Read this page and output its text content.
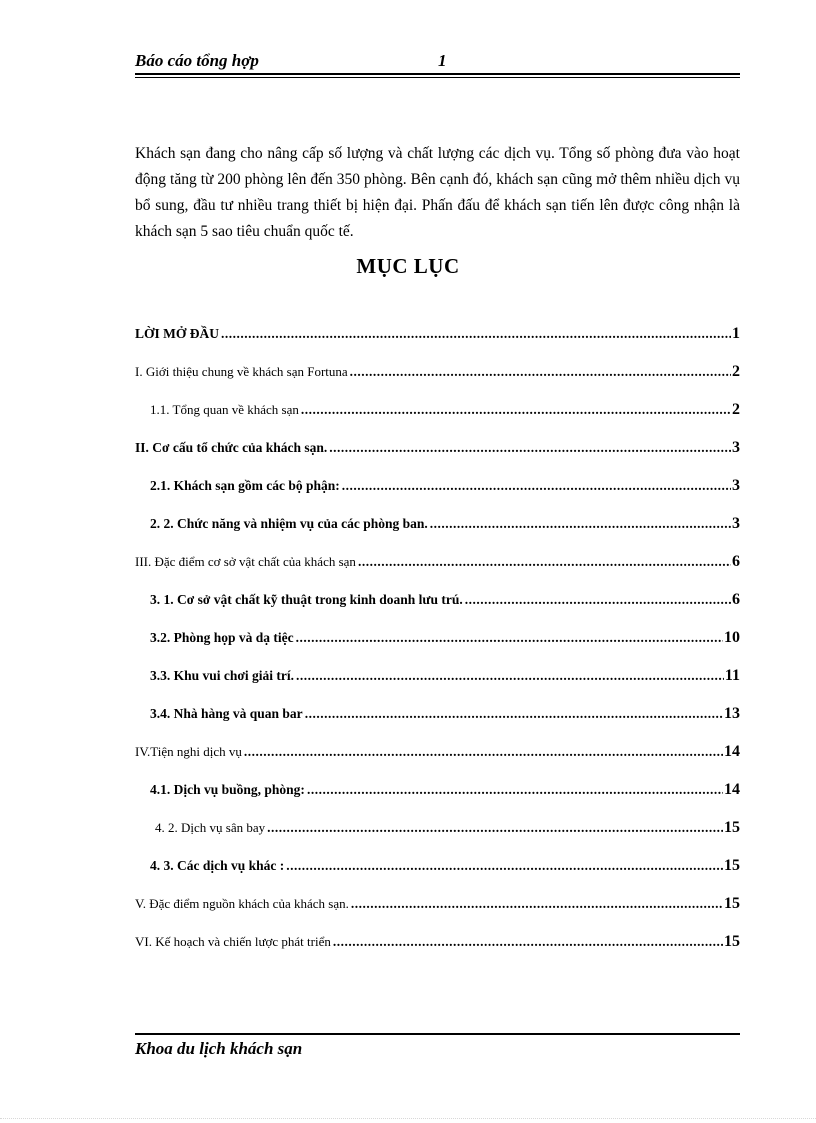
Báo cáo tổng hợp	1

Khách sạn đang cho nâng cấp số lượng và chất lượng các dịch vụ. Tổng số phòng đưa vào hoạt động tăng từ 200 phòng lên đến 350 phòng. Bên cạnh đó, khách sạn cũng mở thêm nhiều dịch vụ bổ sung, đầu tư nhiều trang thiết bị hiện đại. Phấn đấu để khách sạn tiến lên được công nhận là khách sạn 5 sao tiêu chuẩn quốc tế.

MỤC LỤC
LỜI MỞ ĐẦU .....	1
I. Giới thiệu chung về khách sạn Fortuna .....	2
1.1. Tổng quan về khách sạn .....	2
II. Cơ cấu tổ chức của khách sạn. .....	3
2.1. Khách sạn gồm các bộ phận: .....	3
2. 2. Chức năng và nhiệm vụ của các phòng ban. .....	3
III. Đặc điểm cơ sở vật chất của khách sạn .....	6
3. 1. Cơ sở vật chất kỹ thuật trong kinh doanh lưu trú. .....	6
3.2. Phòng họp và dạ tiệc .....	10
3.3. Khu vui chơi giải trí. .....	11
3.4. Nhà hàng và quan bar .....	13
IV.Tiện nghi dịch vụ .....	14
4.1. Dịch vụ buồng, phòng: .....	14
4. 2. Dịch vụ sân bay .....	15
4. 3. Các dịch vụ khác : .....	15
V. Đặc điểm nguồn khách của khách sạn. .....	15
VI. Kế hoạch và chiến lược phát triển .....	15
Khoa du lịch khách sạn
